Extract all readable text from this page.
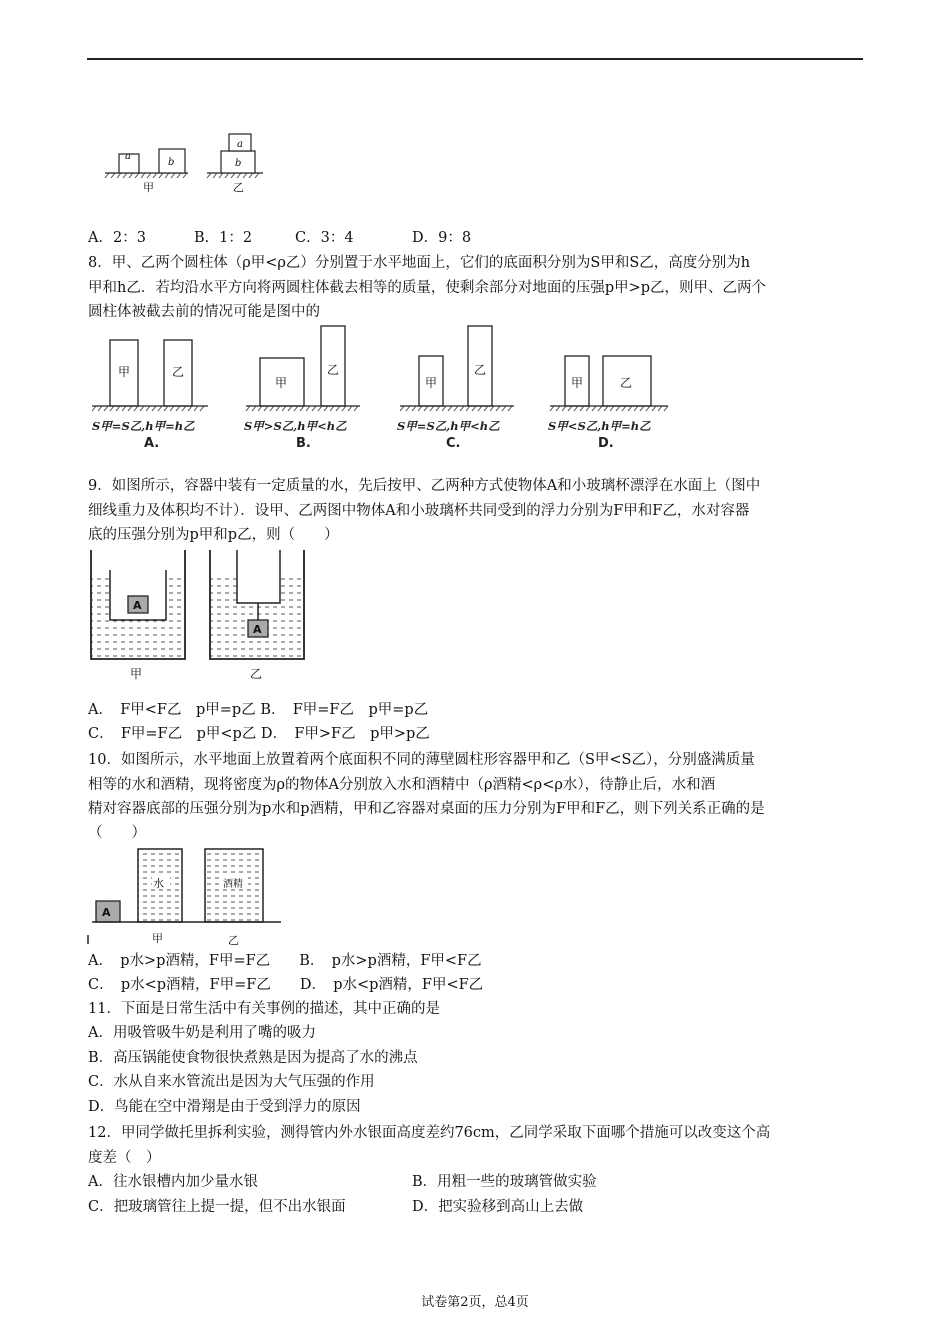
a
b
a
b
甲	乙
A．2：3	B．1：2	C．3：4	D．9：8
8．甲、乙两个圆柱体（ρ甲<ρ乙）分别置于水平地面上，它们的底面积分别为S甲和S乙，高度分别为h
甲和h乙．若均沿水平方向将两圆柱体截去相等的质量，使剩余部分对地面的压强p甲>p乙，则甲、乙两个
圆柱体被截去前的情况可能是图中的
甲	乙
甲
乙
甲
乙
甲	乙
S甲=S乙,h甲=h乙	S甲>S乙,h甲<h乙	S甲=S乙,h甲<h乙	S甲<S乙,h甲=h乙
A.	B.	C.	D.
9．如图所示，容器中装有一定质量的水，先后按甲、乙两种方式使物体A和小玻璃杯漂浮在水面上（图中
细线重力及体积均不计）．设甲、乙两图中物体A和小玻璃杯共同受到的浮力分别为F甲和F乙，水对容器
底的压强分别为p甲和p乙，则（　　）
A
A
甲	乙
A．　F甲<F乙　p甲=p乙 B．　F甲=F乙　p甲=p乙
C．　F甲=F乙　p甲<p乙 D．　F甲>F乙　p甲>p乙
10．如图所示，水平地面上放置着两个底面积不同的薄壁圆柱形容器甲和乙（S甲<S乙），分别盛满质量
相等的水和酒精，现将密度为ρ的物体A分别放入水和酒精中（ρ酒精<ρ<ρ水），待静止后，水和酒
精对容器底部的压强分别为p水和p酒精，甲和乙容器对桌面的压力分别为F甲和F乙，则下列关系正确的是
（　　）
水	酒精
甲	乙
A
A．　p水>p酒精，F甲=F乙　　B．　p水>p酒精，F甲<F乙
C．　p水<p酒精，F甲=F乙　　D．　p水<p酒精，F甲<F乙
11．下面是日常生活中有关事例的描述，其中正确的是
A．用吸管吸牛奶是利用了嘴的吸力
B．高压锅能使食物很快煮熟是因为提高了水的沸点
C．水从自来水管流出是因为大气压强的作用
D．鸟能在空中滑翔是由于受到浮力的原因
12．甲同学做托里拆利实验，测得管内外水银面高度差约76cm，乙同学采取下面哪个措施可以改变这个高
度差（　）
A．往水银槽内加少量水银	B．用粗一些的玻璃管做实验
C．把玻璃管往上提一提，但不出水银面	D．把实验移到高山上去做
试卷第2页，总4页
